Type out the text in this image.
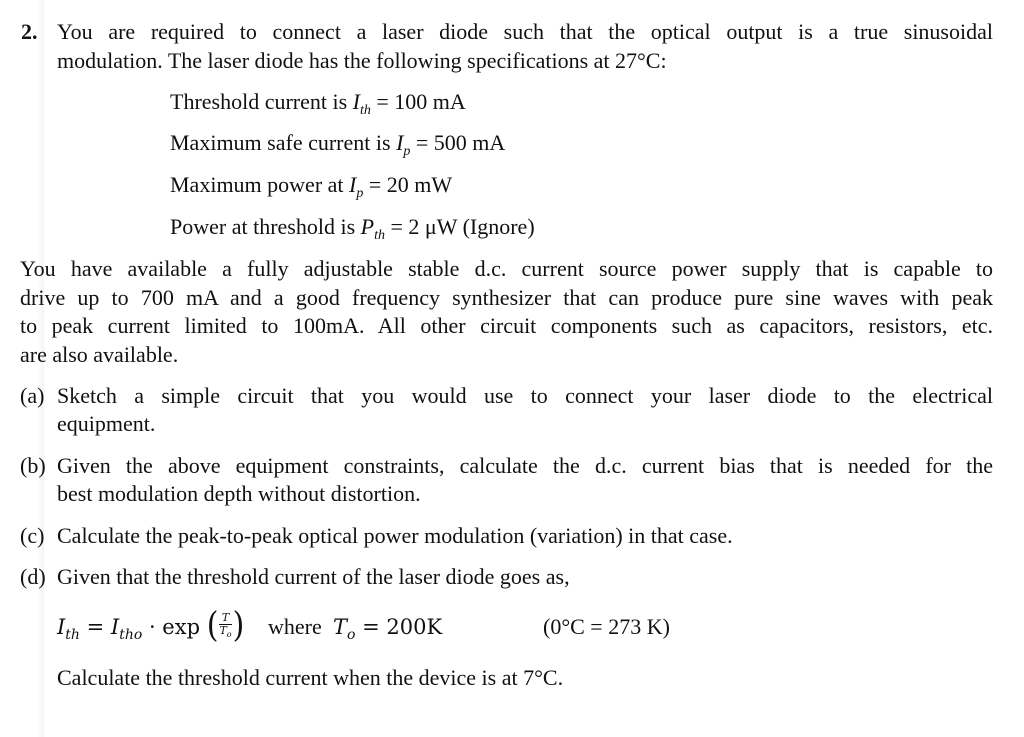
2. You are required to connect a laser diode such that the optical output is a true sinusoidal
modulation. The laser diode has the following specifications at 27°C:
Threshold current is $I_{th} = 100$ mA
Maximum safe current is $I_p = 500$ mA
Maximum power at $I_p = 20$ mW
Power at threshold is $P_{th} = 2$ μW (Ignore)
You have available a fully adjustable stable d.c. current source power supply that is capable to
drive up to 700 mA and a good frequency synthesizer that can produce pure sine waves with peak
to peak current limited to 100mA. All other circuit components such as capacitors, resistors, etc.
are also available.
(a) Sketch a simple circuit that you would use to connect your laser diode to the electrical
equipment.
(b) Given the above equipment constraints, calculate the d.c. current bias that is needed for the
best modulation depth without distortion.
(c) Calculate the peak-to-peak optical power modulation (variation) in that case.
(d) Given that the threshold current of the laser diode goes as,
$I_{th} = I_{tho} \cdot \exp$ ( $\frac{T}{T_o}$ ) where $T_o = 200K$	(0°C = 273 K)
Calculate the threshold current when the device is at 7°C.
